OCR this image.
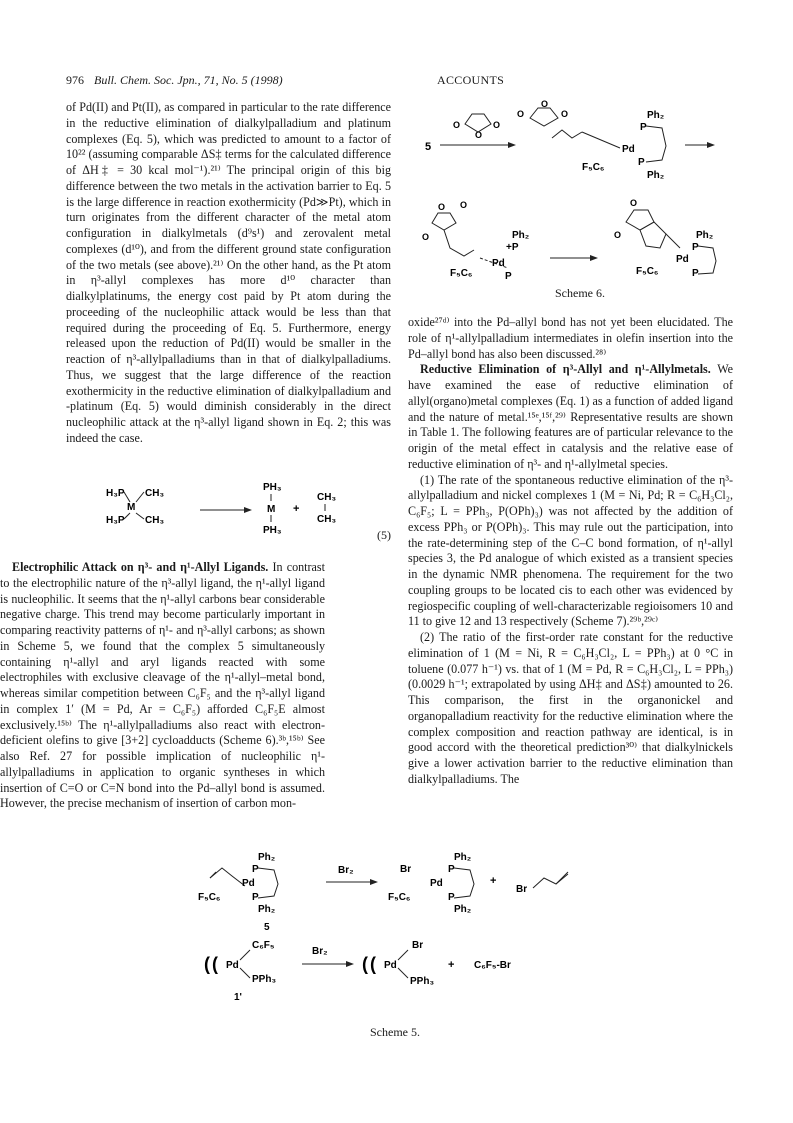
976 Bull. Chem. Soc. Jpn., 71, No. 5 (1998)	ACCOUNTS

of Pd(II) and Pt(II), as compared in particular to the rate difference in the reductive elimination of dialkylpalladium and platinum complexes (Eq. 5), which was predicted to amount to a factor of 10²² (assuming comparable ΔS‡ terms for the calculated difference of ΔH‡ = 30 kcal mol⁻¹).²¹⁾ The principal origin of this big difference between the two metals in the activation barrier to Eq. 5 is the large difference in reaction exothermicity (Pd≫Pt), which in turn originates from the different character of the metal atom configuration in dialkylmetals (d⁹s¹) and zerovalent metal complexes (d¹⁰), and from the different ground state configuration of the two metals (see above).²¹⁾ On the other hand, as the Pt atom in η³-allyl complexes has more d¹⁰ character than dialkylplatinums, the energy cost paid by Pt atom during the proceeding of the nucleophilic attack would be less than that required during the proceeding of Eq. 5. Furthermore, energy released upon the reduction of Pd(II) would be smaller in the reaction of η³-allylpalladiums than in that of dialkylpalladiums. Thus, we suggest that the large difference of the reaction exothermicity in the reductive elimination of dialkylpalladium and -platinum (Eq. 5) would diminish considerably in the direct nucleophilic attack at the η³-allyl ligand shown in Eq. 2; this was indeed the case.

H₃P CH₃
M
H₃P CH₃
PH₃
M
PH₃
+
CH₃
CH₃
(5)

Electrophilic Attack on η³- and η¹-Allyl Ligands. In contrast to the electrophilic nature of the η³-allyl ligand, the η¹-allyl ligand is nucleophilic. It seems that the η¹-allyl carbons bear considerable negative charge. This trend may become particularly important in comparing reactivity patterns of η¹- and η³-allyl carbons; as shown in Scheme 5, we found that the complex 5 simultaneously containing η¹-allyl and aryl ligands reacted with some electrophiles with exclusive cleavage of the η¹-allyl–metal bond, whereas similar competition between C₆F₅ and the η³-allyl ligand in complex 1′ (M = Pd, Ar = C₆F₅) afforded C₆F₅E almost exclusively.¹⁵ᵇ⁾ The η¹-allylpalladiums also react with electron-deficient olefins to give [3+2] cycloadducts (Scheme 6).³ᵇ,¹⁵ᵇ⁾ See also Ref. 27 for possible implication of nucleophilic η¹-allylpalladiums in application to organic syntheses in which insertion of C=O or C=N bond into the Pd–allyl bond is assumed. However, the precise mechanism of insertion of carbon mon-

5
O
O
O
O
O
O	Ph₂
P
Pd
P
Ph₂
F₅C₆
O
O O
Ph₂
+P
Pd
P
F₅C₆
O
O	Ph₂
P
Pd
P
F₅C₆
Scheme 6.

oxide²⁷ᵈ⁾ into the Pd–allyl bond has not yet been elucidated. The role of η¹-allylpalladium intermediates in olefin insertion into the Pd–allyl bond has also been discussed.²⁸⁾

Reductive Elimination of η³-Allyl and η¹-Allylmetals. We have examined the ease of reductive elimination of allyl(organo)metal complexes (Eq. 1) as a function of added ligand and the nature of metal.¹⁵ᵉ,¹⁵ᶠ,²⁹⁾ Representative results are shown in Table 1. The following features are of particular relevance to the origin of the metal effect in catalysis and the relative ease of reductive elimination of η³- and η¹-allylmetal species.

(1) The rate of the spontaneous reductive elimination of the η³-allylpalladium and nickel complexes 1 (M = Ni, Pd; R = C₆H₃Cl₂, C₆F₅; L = PPh₃, P(OPh)₃) was not affected by the addition of excess PPh₃ or P(OPh)₃. This may rule out the participation, into the rate-determining step of the C–C bond formation, of η¹-allyl species 3, the Pd analogue of which existed as a transient species in the dynamic NMR phenomena. The requirement for the two coupling groups to be located cis to each other was evidenced by regiospecific coupling of well-characterizable regioisomers 10 and 11 to give 12 and 13 respectively (Scheme 7).²⁹ᵇ,²⁹ᶜ⁾

(2) The ratio of the first-order rate constant for the reductive elimination of 1 (M = Ni, R = C₆H₃Cl₂, L = PPh₃) at 0 °C in toluene (0.077 h⁻¹) vs. that of 1 (M = Pd, R = C₆H₃Cl₂, L = PPh₃) (0.0029 h⁻¹; extrapolated by using ΔH‡ and ΔS‡) amounted to 26. This comparison, the first in the organonickel and organopalladium reactivity for the reductive elimination where the complex composition and reaction pathway are identical, is in good accord with the theoretical prediction³⁰⁾ that dialkylnickels give a lower activation barrier to the reductive elimination than dialkylpalladiums. The

Ph₂
P
Pd
P
Ph₂
F₅C₆
5
Br₂	Br
Ph₂
P
Pd
P
Ph₂
F₅C₆
+
Br
( ( Pd
C₆F₅
PPh₃
1'
Br₂
( ( Pd
Br
PPh₃
+ C₆F₅-Br
Scheme 5.
